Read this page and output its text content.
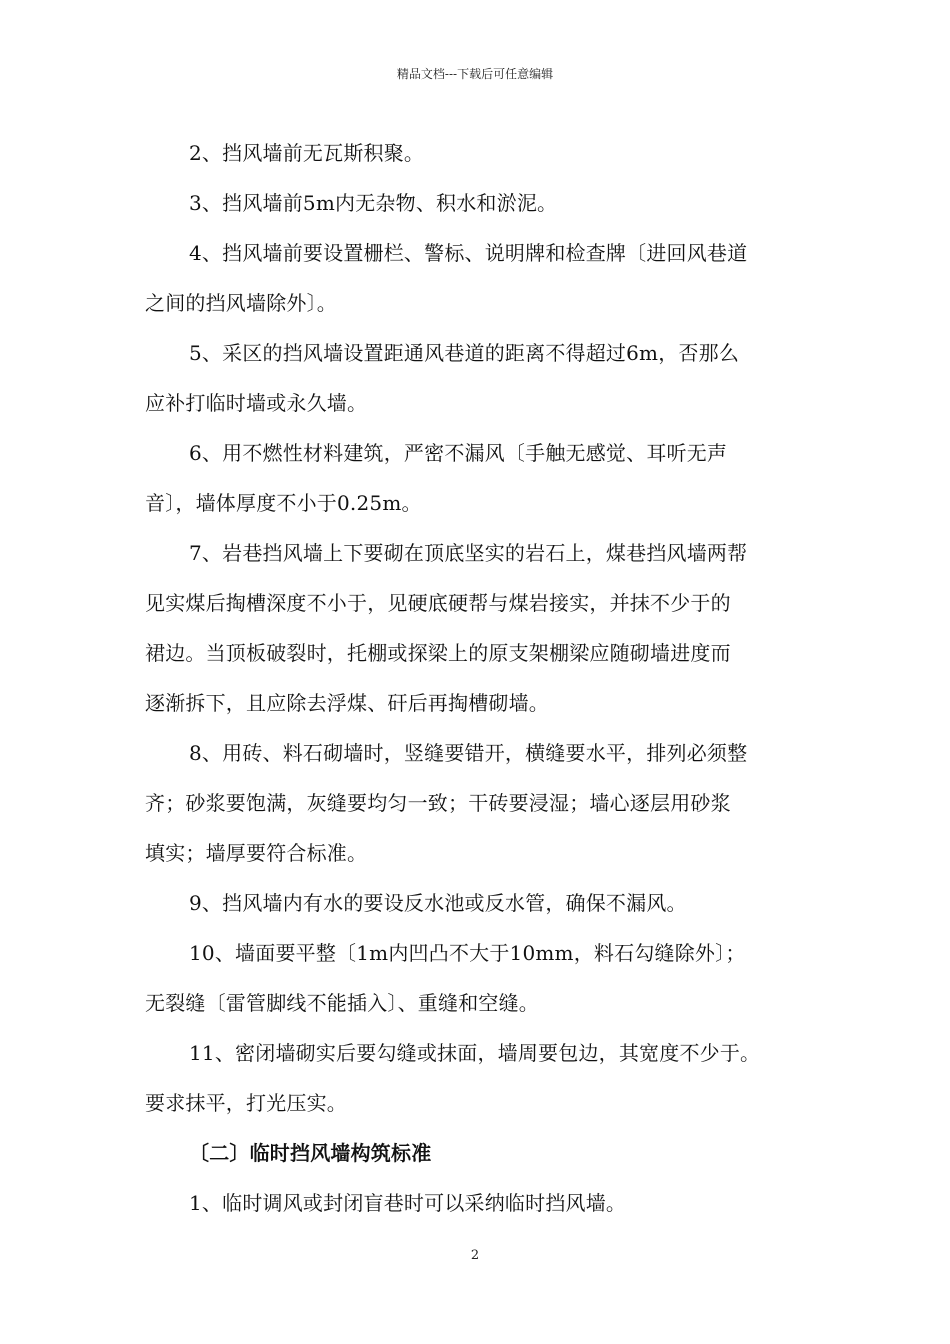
精品文档---下载后可任意编辑
2、挡风墙前无瓦斯积聚。
3、挡风墙前5m内无杂物、积水和淤泥。
4、挡风墙前要设置栅栏、警标、说明牌和检查牌〔进回风巷道
之间的挡风墙除外〕。
5、采区的挡风墙设置距通风巷道的距离不得超过6m，否那么
应补打临时墙或永久墙。
6、用不燃性材料建筑，严密不漏风〔手触无感觉、耳听无声
音〕，墙体厚度不小于0.25m。
7、岩巷挡风墙上下要砌在顶底坚实的岩石上，煤巷挡风墙两帮
见实煤后掏槽深度不小于，见硬底硬帮与煤岩接实，并抹不少于的
裙边。当顶板破裂时，托棚或探梁上的原支架棚梁应随砌墙进度而
逐渐拆下，且应除去浮煤、矸后再掏槽砌墙。
8、用砖、料石砌墙时，竖缝要错开，横缝要水平，排列必须整
齐；砂浆要饱满，灰缝要均匀一致；干砖要浸湿；墙心逐层用砂浆
填实；墙厚要符合标准。
9、挡风墙内有水的要设反水池或反水管，确保不漏风。
10、墙面要平整〔1m内凹凸不大于10mm，料石勾缝除外〕；
无裂缝〔雷管脚线不能插入〕、重缝和空缝。
11、密闭墙砌实后要勾缝或抹面，墙周要包边，其宽度不少于。
要求抹平，打光压实。
〔二〕临时挡风墙构筑标准
1、临时调风或封闭盲巷时可以采纳临时挡风墙。
2
